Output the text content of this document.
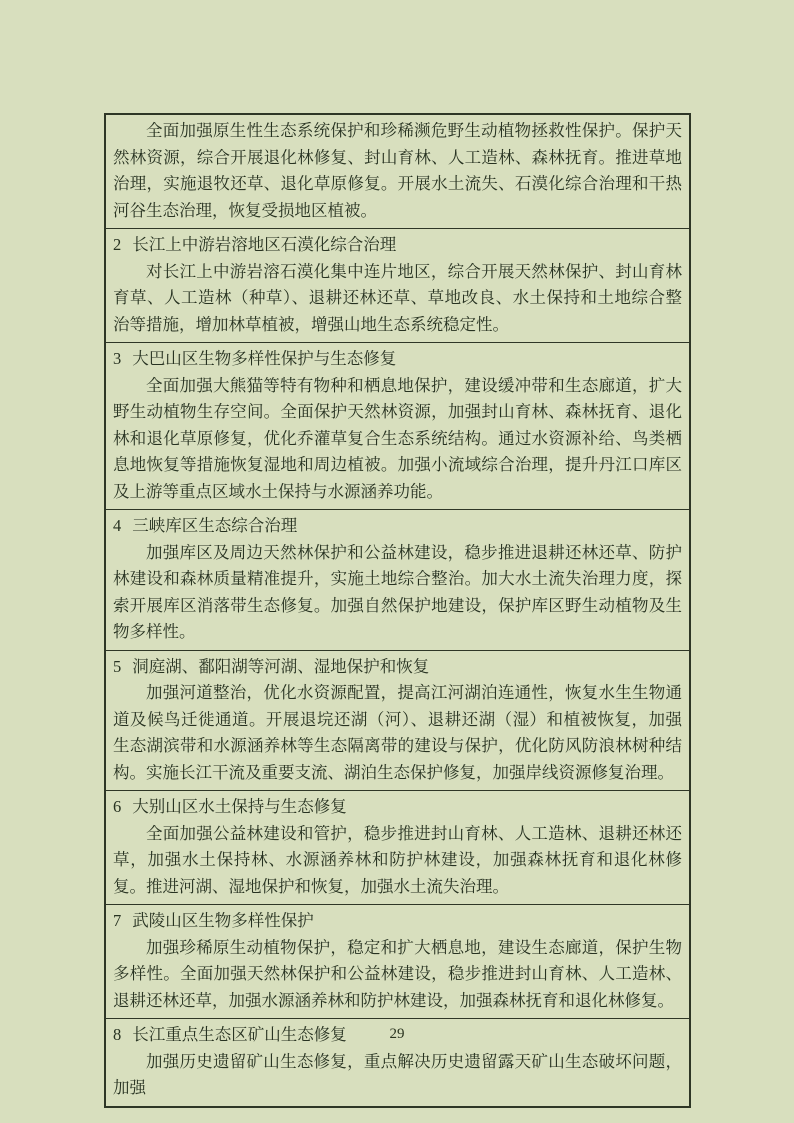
全面加强原生性生态系统保护和珍稀濒危野生动植物拯救性保护。保护天然林资源，综合开展退化林修复、封山育林、人工造林、森林抚育。推进草地治理，实施退牧还草、退化草原修复。开展水土流失、石漠化综合治理和干热河谷生态治理，恢复受损地区植被。

2 长江上中游岩溶地区石漠化综合治理

对长江上中游岩溶石漠化集中连片地区，综合开展天然林保护、封山育林育草、人工造林（种草）、退耕还林还草、草地改良、水土保持和土地综合整治等措施，增加林草植被，增强山地生态系统稳定性。

3 大巴山区生物多样性保护与生态修复

全面加强大熊猫等特有物种和栖息地保护，建设缓冲带和生态廊道，扩大野生动植物生存空间。全面保护天然林资源，加强封山育林、森林抚育、退化林和退化草原修复，优化乔灌草复合生态系统结构。通过水资源补给、鸟类栖息地恢复等措施恢复湿地和周边植被。加强小流域综合治理，提升丹江口库区及上游等重点区域水土保持与水源涵养功能。

4 三峡库区生态综合治理

加强库区及周边天然林保护和公益林建设，稳步推进退耕还林还草、防护林建设和森林质量精准提升，实施土地综合整治。加大水土流失治理力度，探索开展库区消落带生态修复。加强自然保护地建设，保护库区野生动植物及生物多样性。

5 洞庭湖、鄱阳湖等河湖、湿地保护和恢复

加强河道整治，优化水资源配置，提高江河湖泊连通性，恢复水生生物通道及候鸟迁徙通道。开展退垸还湖（河）、退耕还湖（湿）和植被恢复，加强生态湖滨带和水源涵养林等生态隔离带的建设与保护，优化防风防浪林树种结构。实施长江干流及重要支流、湖泊生态保护修复，加强岸线资源修复治理。

6 大别山区水土保持与生态修复

全面加强公益林建设和管护，稳步推进封山育林、人工造林、退耕还林还草，加强水土保持林、水源涵养林和防护林建设，加强森林抚育和退化林修复。推进河湖、湿地保护和恢复，加强水土流失治理。

7 武陵山区生物多样性保护

加强珍稀原生动植物保护，稳定和扩大栖息地，建设生态廊道，保护生物多样性。全面加强天然林保护和公益林建设，稳步推进封山育林、人工造林、退耕还林还草，加强水源涵养林和防护林建设，加强森林抚育和退化林修复。

8 长江重点生态区矿山生态修复

加强历史遗留矿山生态修复，重点解决历史遗留露天矿山生态破坏问题，加强

29
